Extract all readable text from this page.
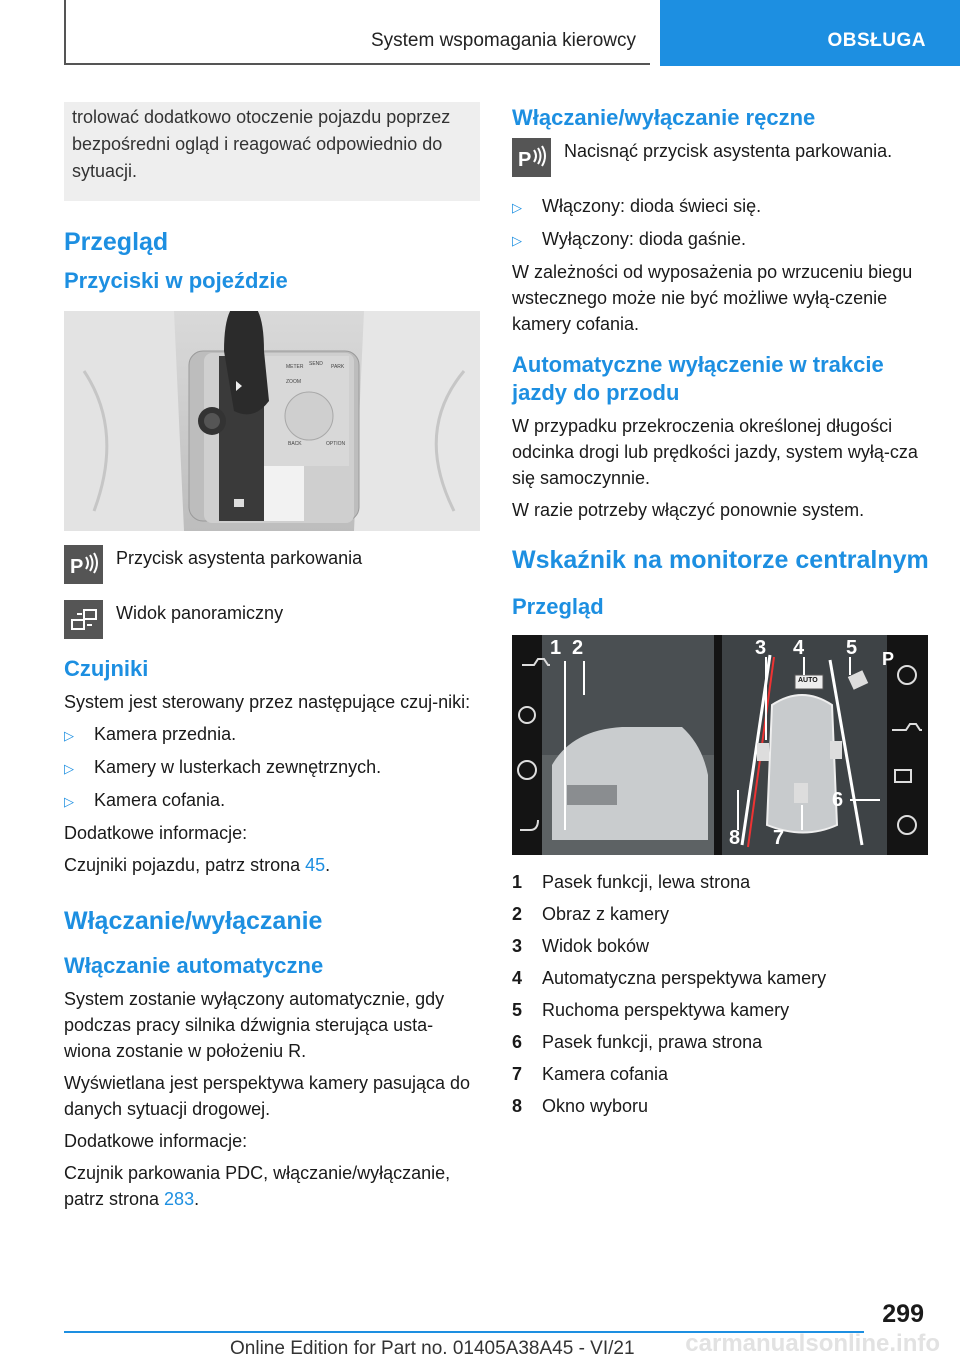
System wspomagania kierowcy	OBSŁUGA
trolować dodatkowo otoczenie pojazdu poprzez bezpośredni ogląd i reagować odpowiednio do sytuacji.
Przegląd
Przyciski w pojeździe
METER SEND PARK
ZOOM
BACK	OPTION
P Przycisk asystenta parkowania
Widok panoramiczny
Czujniki
System jest sterowany przez następujące czuj‐niki:
▷	Kamera przednia.
▷	Kamery w lusterkach zewnętrznych.
▷	Kamera cofania.
Dodatkowe informacje:
Czujniki pojazdu, patrz strona 45.
Włączanie/wyłączanie
Włączanie automatyczne
System zostanie wyłączony automatycznie, gdy podczas pracy silnika dźwignia sterująca usta‐wiona zostanie w położeniu R.
Wyświetlana jest perspektywa kamery pasująca do danych sytuacji drogowej.
Dodatkowe informacje:
Czujnik parkowania PDC, włączanie/wyłączanie, patrz strona 283.
Włączanie/wyłączanie ręczne
P Nacisnąć przycisk asystenta parkowania.
▷	Włączony: dioda świeci się.
▷	Wyłączony: dioda gaśnie.
W zależności od wyposażenia po wrzuceniu biegu wstecznego może nie być możliwe wyłą‐czenie kamery cofania.
Automatyczne wyłączenie w trakcie jazdy do przodu
W przypadku przekroczenia określonej długości odcinka drogi lub prędkości jazdy, system wyłą‐cza się samoczynnie.
W razie potrzeby włączyć ponownie system.
Wskaźnik na monitorze centralnym
Przegląd
P
1 2	3 4 5
6
7
8
AUTO
1	Pasek funkcji, lewa strona
2	Obraz z kamery
3	Widok boków
4	Automatyczna perspektywa kamery
5	Ruchoma perspektywa kamery
6	Pasek funkcji, prawa strona
7	Kamera cofania
8	Okno wyboru
299
carmanualsonline.info
Online Edition for Part no. 01405A38A45 - VI/21
